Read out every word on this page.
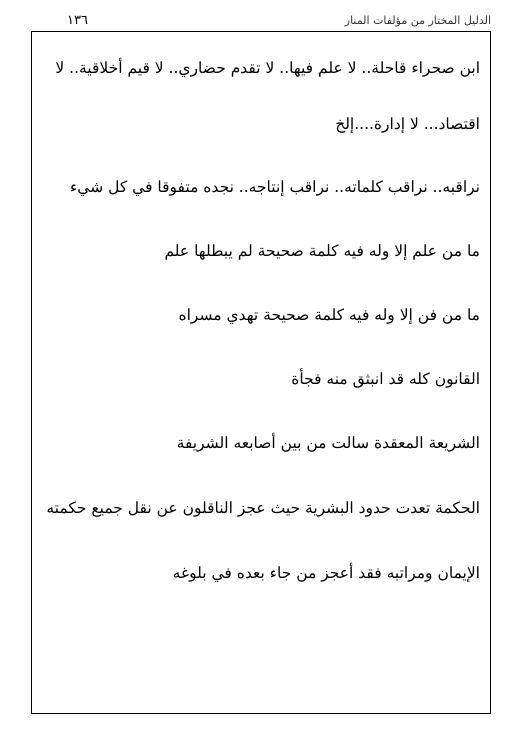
الدليل المختار من مؤلفات المنار
١٣٦
ابن صحراء قاحلة.. لا علم فيها.. لا تقدم حضاري.. لا قيم أخلاقية.. لا
اقتصاد... لا إدارة....إلخ
نراقبه.. نراقب كلماته.. نراقب إنتاجه.. نجده متفوقا في كل شيء
ما من علم إلا وله فيه كلمة صحيحة لم يبطلها علم
ما من فن إلا وله فيه كلمة صحيحة تهدي مسراه
القانون كله قد انبثق منه فجأة
الشريعة المعقدة سالت من بين أصابعه الشريفة
الحكمة تعدت حدود البشرية حيث عجز الناقلون عن نقل جميع حكمته
الإيمان ومراتبه فقد أعجز من جاء بعده في بلوغه
